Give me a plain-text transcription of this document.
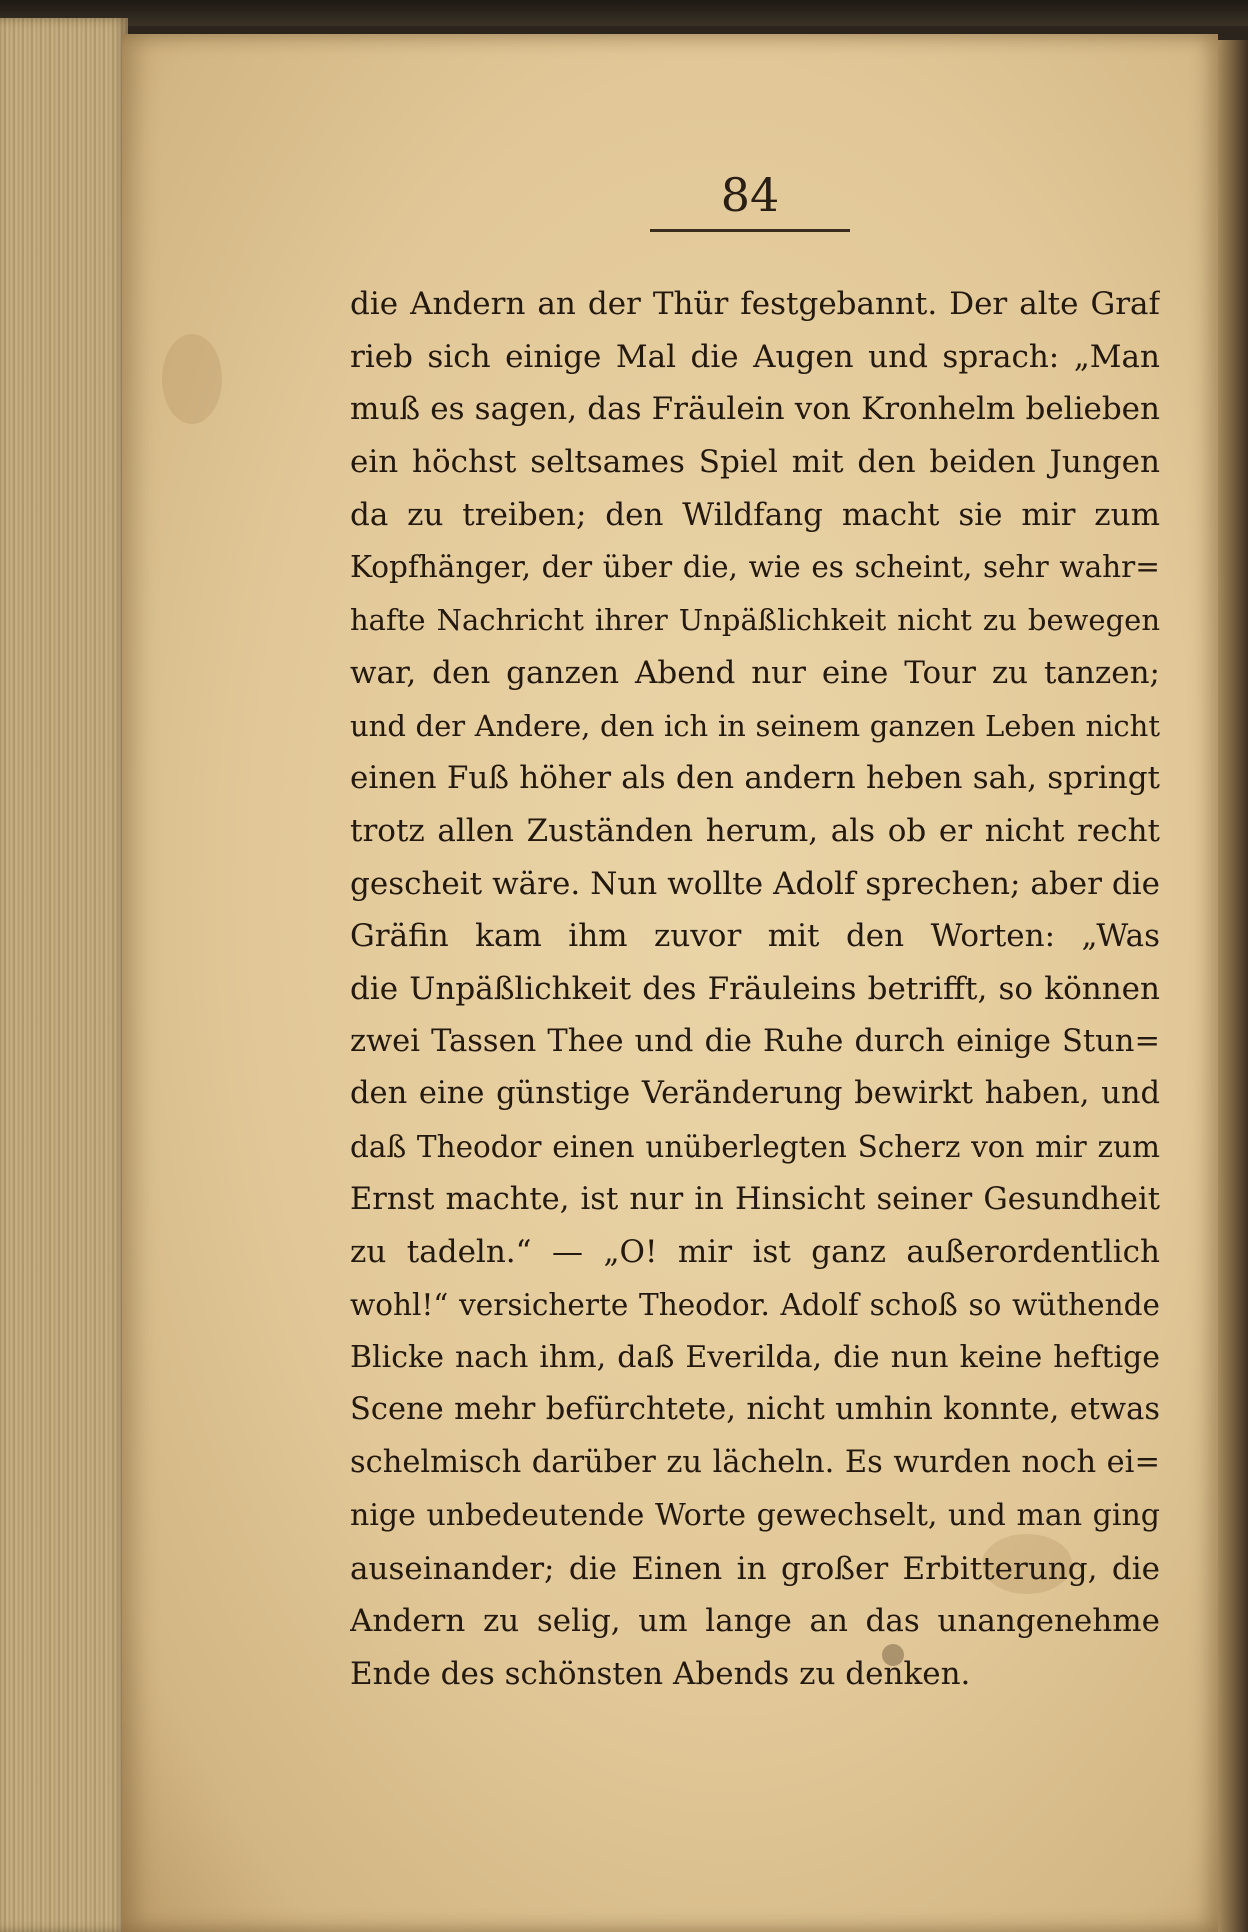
84
die Andern an der Thür festgebannt. Der alte Graf
rieb sich einige Mal die Augen und sprach: „Man
muß es sagen, das Fräulein von Kronhelm belieben
ein höchst seltsames Spiel mit den beiden Jungen
da zu treiben; den Wildfang macht sie mir zum
Kopfhänger, der über die, wie es scheint, sehr wahr=
hafte Nachricht ihrer Unpäßlichkeit nicht zu bewegen
war, den ganzen Abend nur eine Tour zu tanzen;
und der Andere, den ich in seinem ganzen Leben nicht
einen Fuß höher als den andern heben sah, springt
trotz allen Zuständen herum, als ob er nicht recht
gescheit wäre. Nun wollte Adolf sprechen; aber die
Gräfin kam ihm zuvor mit den Worten: „Was
die Unpäßlichkeit des Fräuleins betrifft, so können
zwei Tassen Thee und die Ruhe durch einige Stun=
den eine günstige Veränderung bewirkt haben, und
daß Theodor einen unüberlegten Scherz von mir zum
Ernst machte, ist nur in Hinsicht seiner Gesundheit
zu tadeln.“ — „O! mir ist ganz außerordentlich
wohl!“ versicherte Theodor. Adolf schoß so wüthende
Blicke nach ihm, daß Everilda, die nun keine heftige
Scene mehr befürchtete, nicht umhin konnte, etwas
schelmisch darüber zu lächeln. Es wurden noch ei=
nige unbedeutende Worte gewechselt, und man ging
auseinander; die Einen in großer Erbitterung, die
Andern zu selig, um lange an das unangenehme
Ende des schönsten Abends zu denken.
